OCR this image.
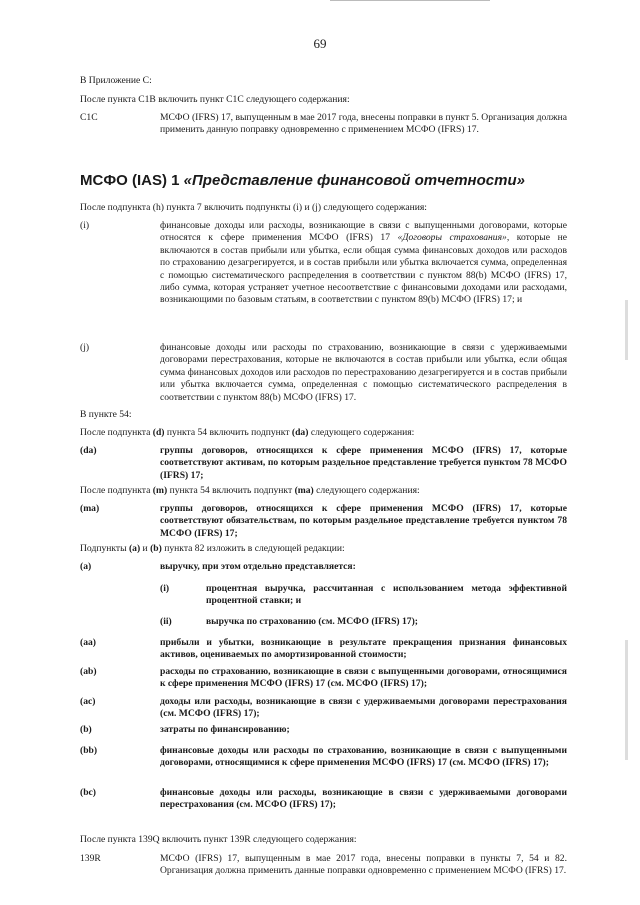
69
В Приложение С:
После пункта С1В включить пункт С1С следующего содержания:
С1С	МСФО (IFRS) 17, выпущенным в мае 2017 года, внесены поправки в пункт 5. Организация должна применить данную поправку одновременно с применением МСФО (IFRS) 17.
МСФО (IAS) 1 «Представление финансовой отчетности»
После подпункта (h) пункта 7 включить подпункты (i) и (j) следующего содержания:
(i)	финансовые доходы или расходы, возникающие в связи с выпущенными договорами, которые относятся к сфере применения МСФО (IFRS) 17 «Договоры страхования», которые не включаются в состав прибыли или убытка, если общая сумма финансовых доходов или расходов по страхованию дезагрегируется, и в состав прибыли или убытка включается сумма, определенная с помощью систематического распределения в соответствии с пунктом 88(b) МСФО (IFRS) 17, либо сумма, которая устраняет учетное несоответствие с финансовыми доходами или расходами, возникающими по базовым статьям, в соответствии с пунктом 89(b) МСФО (IFRS) 17; и
(j)	финансовые доходы или расходы по страхованию, возникающие в связи с удерживаемыми договорами перестрахования, которые не включаются в состав прибыли или убытка, если общая сумма финансовых доходов или расходов по перестрахованию дезагрегируется и в состав прибыли или убытка включается сумма, определенная с помощью систематического распределения в соответствии с пунктом 88(b) МСФО (IFRS) 17.
В пункте 54:
После подпункта (d) пункта 54 включить подпункт (da) следующего содержания:
(da)	группы договоров, относящихся к сфере применения МСФО (IFRS) 17, которые соответствуют активам, по которым раздельное представление требуется пунктом 78 МСФО (IFRS) 17;
После подпункта (m) пункта 54 включить подпункт (ma) следующего содержания:
(ma)	группы договоров, относящихся к сфере применения МСФО (IFRS) 17, которые соответствуют обязательствам, по которым раздельное представление требуется пунктом 78 МСФО (IFRS) 17;
Подпункты (a) и (b) пункта 82 изложить в следующей редакции:
(a)	выручку, при этом отдельно представляется:
(i)	процентная выручка, рассчитанная с использованием метода эффективной процентной ставки; и
(ii)	выручка по страхованию (см. МСФО (IFRS) 17);
(aa)	прибыли и убытки, возникающие в результате прекращения признания финансовых активов, оцениваемых по амортизированной стоимости;
(ab)	расходы по страхованию, возникающие в связи с выпущенными договорами, относящимися к сфере применения МСФО (IFRS) 17 (см. МСФО (IFRS) 17);
(ac)	доходы или расходы, возникающие в связи с удерживаемыми договорами перестрахования (см. МСФО (IFRS) 17);
(b)	затраты по финансированию;
(bb)	финансовые доходы или расходы по страхованию, возникающие в связи с выпущенными договорами, относящимися к сфере применения МСФО (IFRS) 17 (см. МСФО (IFRS) 17);
(bc)	финансовые доходы или расходы, возникающие в связи с удерживаемыми договорами перестрахования (см. МСФО (IFRS) 17);
После пункта 139Q включить пункт 139R следующего содержания:
139R	МСФО (IFRS) 17, выпущенным в мае 2017 года, внесены поправки в пункты 7, 54 и 82. Организация должна применить данные поправки одновременно с применением МСФО (IFRS) 17.
